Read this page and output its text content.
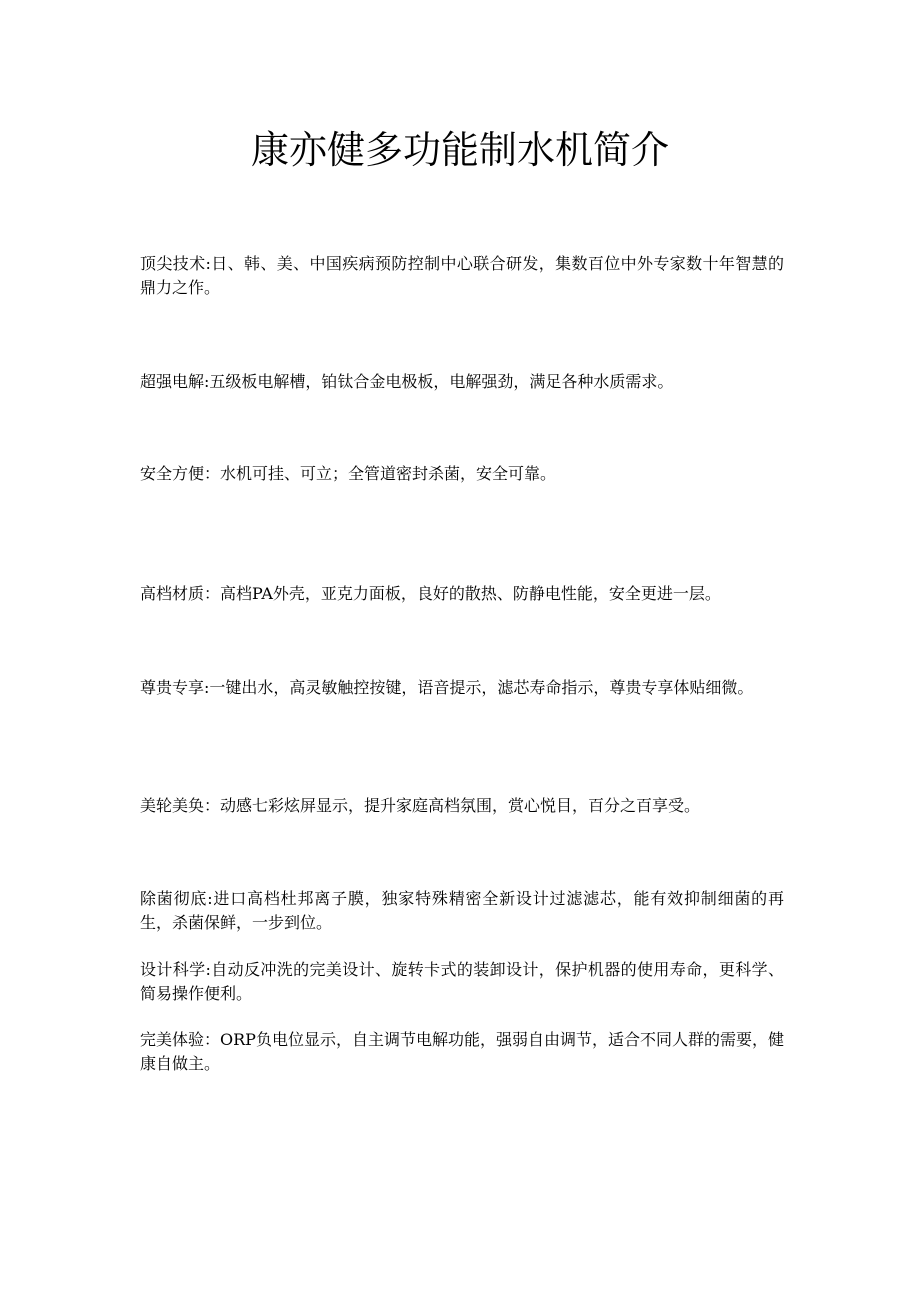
康亦健多功能制水机简介

顶尖技术:日、韩、美、中国疾病预防控制中心联合研发，集数百位中外专家数十年智慧的鼎力之作。

超强电解:五级板电解槽，铂钛合金电极板，电解强劲，满足各种水质需求。

安全方便：水机可挂、可立；全管道密封杀菌，安全可靠。

高档材质：高档PA外壳，亚克力面板，良好的散热、防静电性能，安全更进一层。

尊贵专享:一键出水，高灵敏触控按键，语音提示，滤芯寿命指示，尊贵专享体贴细微。

美轮美奂：动感七彩炫屏显示，提升家庭高档氛围，赏心悦目，百分之百享受。

除菌彻底:进口高档杜邦离子膜，独家特殊精密全新设计过滤滤芯，能有效抑制细菌的再生，杀菌保鲜，一步到位。

设计科学:自动反冲洗的完美设计、旋转卡式的装卸设计，保护机器的使用寿命，更科学、简易操作便利。

完美体验：ORP负电位显示，自主调节电解功能，强弱自由调节，适合不同人群的需要，健康自做主。
